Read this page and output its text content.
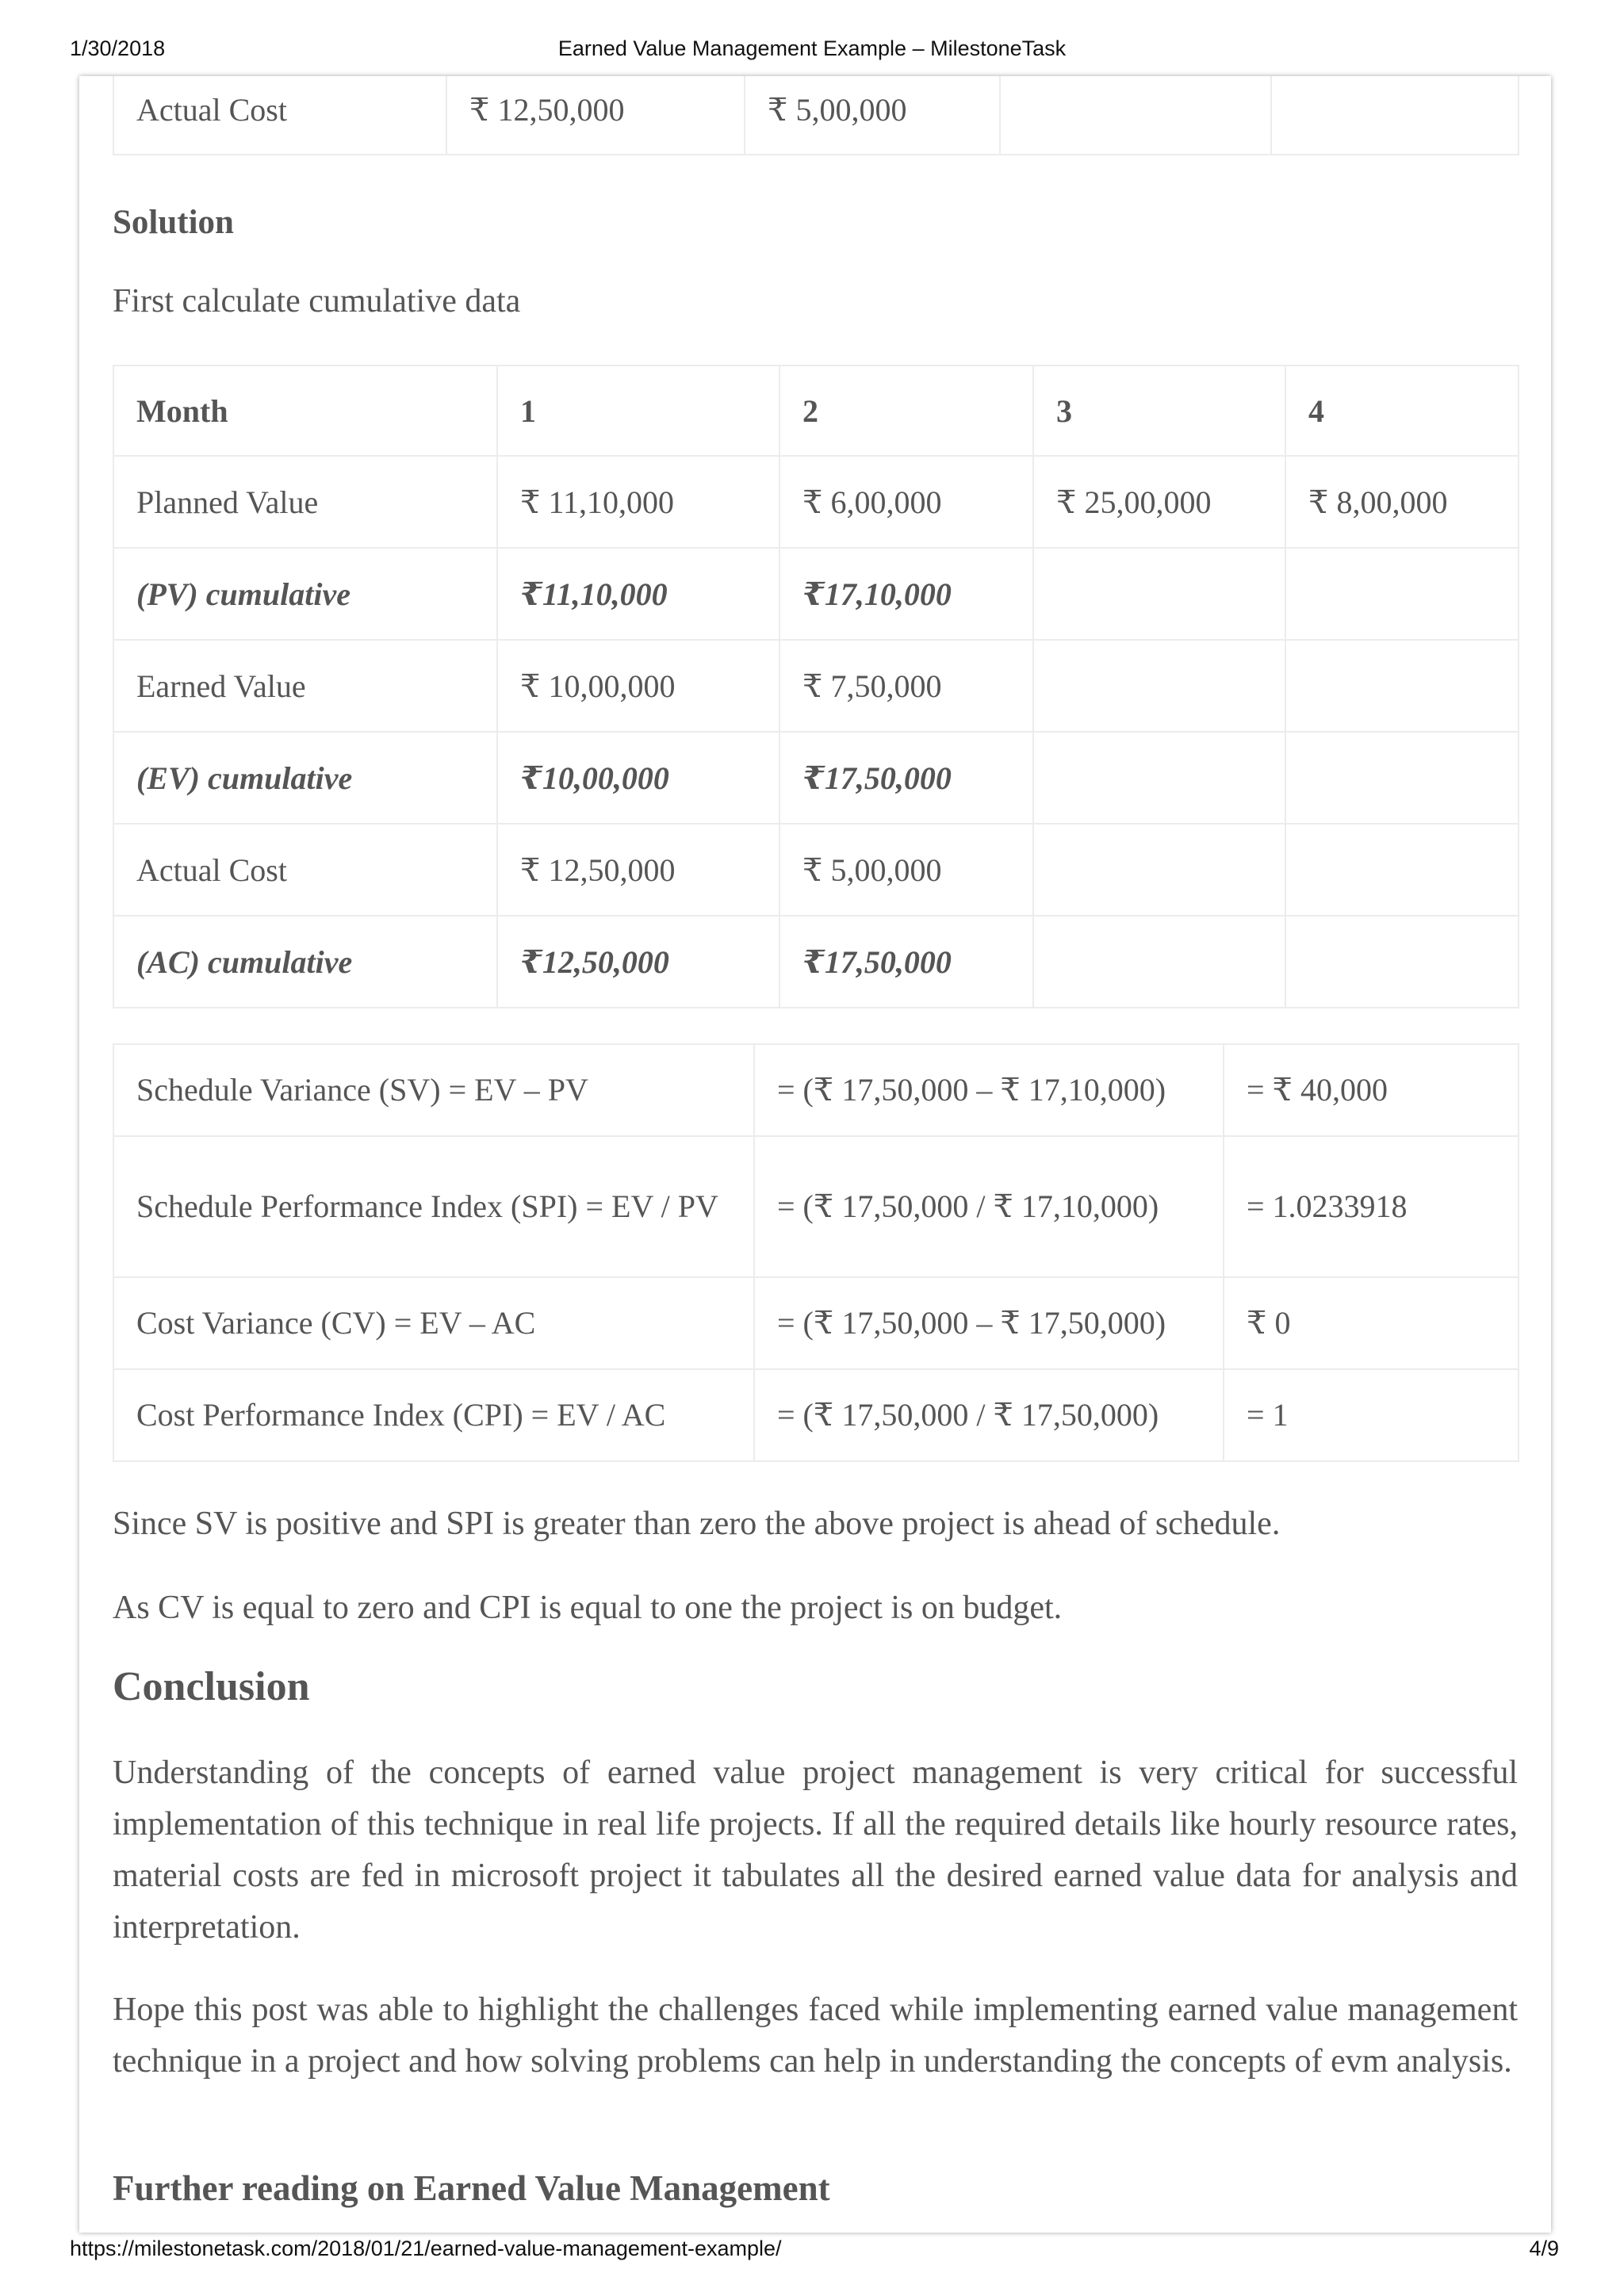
1/30/2018	Earned Value Management Example – MilestoneTask
Actual Cost	₹ 12,50,000	₹ 5,00,000		
Solution

First calculate cumulative data

Month	1	2	3	4
Planned Value	₹ 11,10,000	₹ 6,00,000	₹ 25,00,000	₹ 8,00,000
(PV) cumulative	₹11,10,000	₹17,10,000		
Earned Value	₹ 10,00,000	₹ 7,50,000		
(EV) cumulative	₹10,00,000	₹17,50,000		
Actual Cost	₹ 12,50,000	₹ 5,00,000		
(AC) cumulative	₹12,50,000	₹17,50,000		
Schedule Variance (SV) = EV – PV	= (₹ 17,50,000 – ₹ 17,10,000)	= ₹ 40,000
Schedule Performance Index (SPI) = EV / PV	= (₹ 17,50,000 / ₹ 17,10,000)	= 1.0233918
Cost Variance (CV) = EV – AC	= (₹ 17,50,000 – ₹ 17,50,000)	₹ 0
Cost Performance Index (CPI) = EV / AC	= (₹ 17,50,000 / ₹ 17,50,000)	= 1

Since SV is positive and SPI is greater than zero the above project is ahead of schedule.

As CV is equal to zero and CPI is equal to one the project is on budget.

Conclusion

Understanding of the concepts of earned value project management is very critical for successful implementation of this technique in real life projects. If all the required details like hourly resource rates, material costs are fed in microsoft project it tabulates all the desired earned value data for analysis and interpretation.

Hope this post was able to highlight the challenges faced while implementing earned value management technique in a project and how solving problems can help in understanding the concepts of evm analysis.

Further reading on Earned Value Management
https://milestonetask.com/2018/01/21/earned-value-management-example/	4/9
